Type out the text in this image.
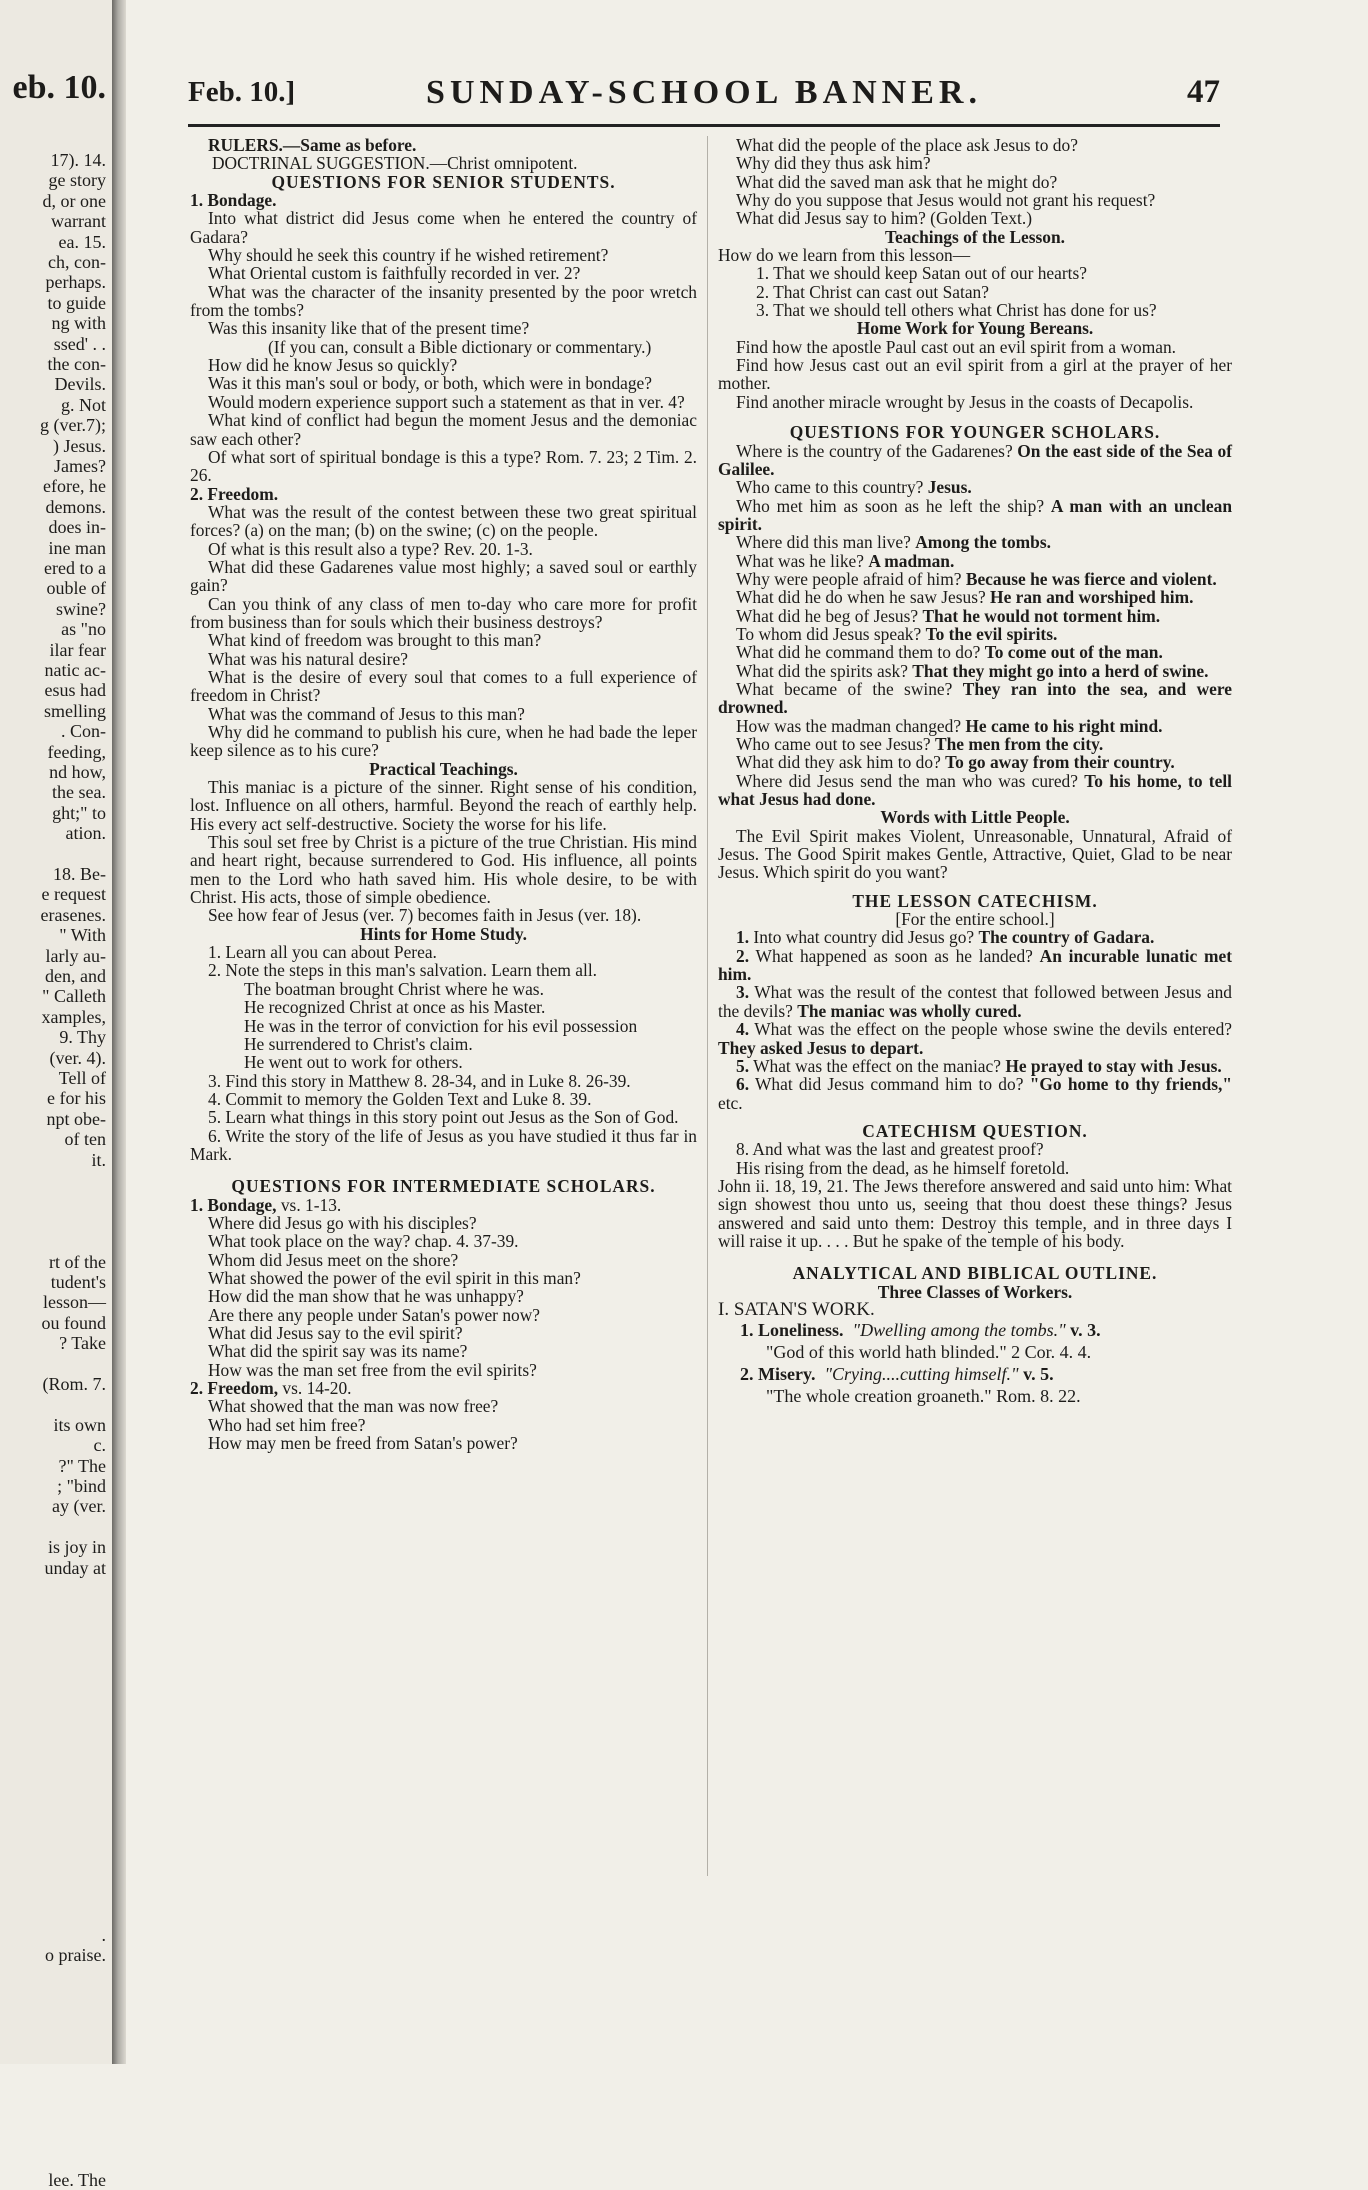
eb. 10.
17). 14.
ge story
d, or one
warrant
ea. 15.
ch, con-
perhaps.
to guide
ng with
ssed' . .
the con-
Devils.
g. Not
g (ver.7);
) Jesus.
James?
efore, he
demons.
does in-
ine man
ered to a
ouble of
swine?
as "no
ilar fear
natic ac-
esus had
smelling
. Con-
feeding,
nd how,
the sea.
ght;" to
ation.
18. Be-
e request
erasenes.
" With
larly au-
den, and
" Calleth
xamples,
9. Thy
(ver. 4).
Tell of
e for his
npt obe-
of ten
it.
rt of the
tudent's
lesson—
ou found
? Take
(Rom. 7.
its own
c.
?" The
; "bind
ay (ver.
is joy in
unday at
.
o praise.
lee. The
Feb. 10.]	SUNDAY-SCHOOL BANNER.	47

RULERS.—Same as before.

DOCTRINAL SUGGESTION.—Christ omnipotent.

QUESTIONS FOR SENIOR STUDENTS.

1. Bondage.

Into what district did Jesus come when he entered the country of Gadara?

Why should he seek this country if he wished retirement?

What Oriental custom is faithfully recorded in ver. 2?

What was the character of the insanity presented by the poor wretch from the tombs?

Was this insanity like that of the present time?

(If you can, consult a Bible dictionary or commentary.)

How did he know Jesus so quickly?

Was it this man's soul or body, or both, which were in bondage?

Would modern experience support such a statement as that in ver. 4?

What kind of conflict had begun the moment Jesus and the demoniac saw each other?

Of what sort of spiritual bondage is this a type? Rom. 7. 23; 2 Tim. 2. 26.

2. Freedom.

What was the result of the contest between these two great spiritual forces? (a) on the man; (b) on the swine; (c) on the people.

Of what is this result also a type? Rev. 20. 1-3.

What did these Gadarenes value most highly; a saved soul or earthly gain?

Can you think of any class of men to-day who care more for profit from business than for souls which their business destroys?

What kind of freedom was brought to this man?

What was his natural desire?

What is the desire of every soul that comes to a full experience of freedom in Christ?

What was the command of Jesus to this man?

Why did he command to publish his cure, when he had bade the leper keep silence as to his cure?

Practical Teachings.

This maniac is a picture of the sinner. Right sense of his condition, lost. Influence on all others, harmful. Beyond the reach of earthly help. His every act self-destructive. Society the worse for his life.

This soul set free by Christ is a picture of the true Christian. His mind and heart right, because surrendered to God. His influence, all points men to the Lord who hath saved him. His whole desire, to be with Christ. His acts, those of simple obedience.

See how fear of Jesus (ver. 7) becomes faith in Jesus (ver. 18).

Hints for Home Study.

1. Learn all you can about Perea.

2. Note the steps in this man's salvation. Learn them all.

The boatman brought Christ where he was.

He recognized Christ at once as his Master.

He was in the terror of conviction for his evil possession

He surrendered to Christ's claim.

He went out to work for others.

3. Find this story in Matthew 8. 28-34, and in Luke 8. 26-39.

4. Commit to memory the Golden Text and Luke 8. 39.

5. Learn what things in this story point out Jesus as the Son of God.

6. Write the story of the life of Jesus as you have studied it thus far in Mark.

QUESTIONS FOR INTERMEDIATE SCHOLARS.

1. Bondage, vs. 1-13.

Where did Jesus go with his disciples?

What took place on the way? chap. 4. 37-39.

Whom did Jesus meet on the shore?

What showed the power of the evil spirit in this man?

How did the man show that he was unhappy?

Are there any people under Satan's power now?

What did Jesus say to the evil spirit?

What did the spirit say was its name?

How was the man set free from the evil spirits?

2. Freedom, vs. 14-20.

What showed that the man was now free?

Who had set him free?

How may men be freed from Satan's power?

What did the people of the place ask Jesus to do?

Why did they thus ask him?

What did the saved man ask that he might do?

Why do you suppose that Jesus would not grant his request?

What did Jesus say to him? (Golden Text.)

Teachings of the Lesson.

How do we learn from this lesson—

1. That we should keep Satan out of our hearts?

2. That Christ can cast out Satan?

3. That we should tell others what Christ has done for us?

Home Work for Young Bereans.

Find how the apostle Paul cast out an evil spirit from a woman.

Find how Jesus cast out an evil spirit from a girl at the prayer of her mother.

Find another miracle wrought by Jesus in the coasts of Decapolis.

QUESTIONS FOR YOUNGER SCHOLARS.

Where is the country of the Gadarenes? On the east side of the Sea of Galilee.

Who came to this country? Jesus.

Who met him as soon as he left the ship? A man with an unclean spirit.

Where did this man live? Among the tombs.

What was he like? A madman.

Why were people afraid of him? Because he was fierce and violent.

What did he do when he saw Jesus? He ran and worshiped him.

What did he beg of Jesus? That he would not torment him.

To whom did Jesus speak? To the evil spirits.

What did he command them to do? To come out of the man.

What did the spirits ask? That they might go into a herd of swine.

What became of the swine? They ran into the sea, and were drowned.

How was the madman changed? He came to his right mind.

Who came out to see Jesus? The men from the city.

What did they ask him to do? To go away from their country.

Where did Jesus send the man who was cured? To his home, to tell what Jesus had done.

Words with Little People.

The Evil Spirit makes Violent, Unreasonable, Unnatural, Afraid of Jesus. The Good Spirit makes Gentle, Attractive, Quiet, Glad to be near Jesus. Which spirit do you want?

THE LESSON CATECHISM.

[For the entire school.]

1. Into what country did Jesus go? The country of Gadara.

2. What happened as soon as he landed? An incurable lunatic met him.

3. What was the result of the contest that followed between Jesus and the devils? The maniac was wholly cured.

4. What was the effect on the people whose swine the devils entered? They asked Jesus to depart.

5. What was the effect on the maniac? He prayed to stay with Jesus.

6. What did Jesus command him to do? "Go home to thy friends," etc.

CATECHISM QUESTION.

8. And what was the last and greatest proof?

His rising from the dead, as he himself foretold.

John ii. 18, 19, 21. The Jews therefore answered and said unto him: What sign showest thou unto us, seeing that thou doest these things? Jesus answered and said unto them: Destroy this temple, and in three days I will raise it up. . . . But he spake of the temple of his body.

ANALYTICAL AND BIBLICAL OUTLINE.

Three Classes of Workers.

I. SATAN'S WORK.

1. Loneliness. "Dwelling among the tombs." v. 3.

"God of this world hath blinded." 2 Cor. 4. 4.

2. Misery. "Crying....cutting himself." v. 5.

"The whole creation groaneth." Rom. 8. 22.
